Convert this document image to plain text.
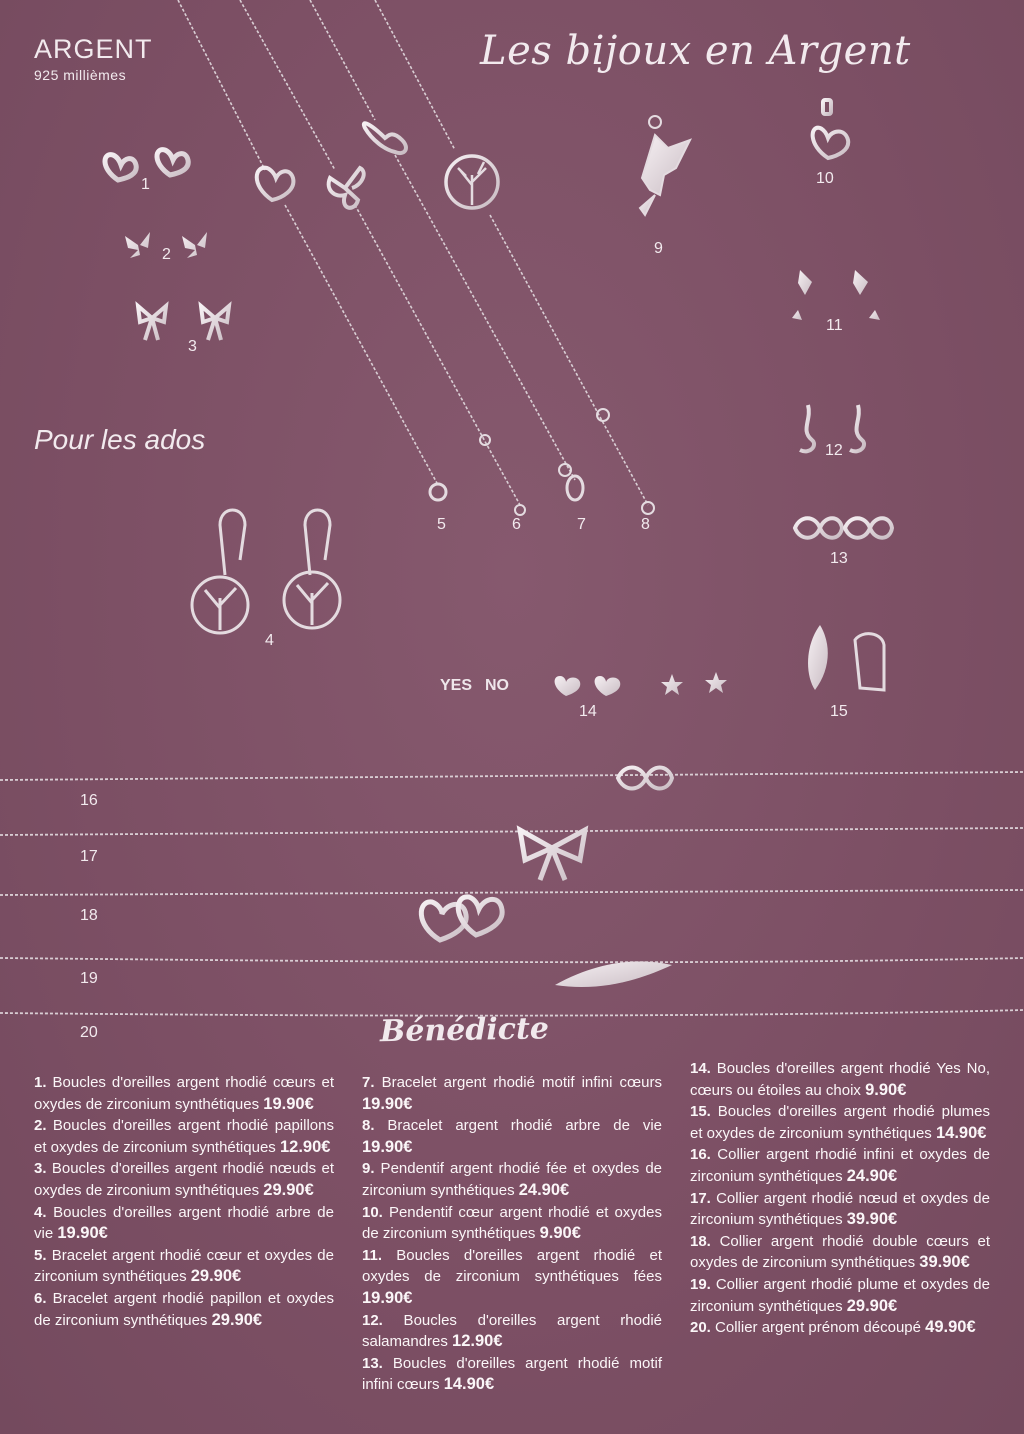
YES NO
Bénédicte
ARGENT
925 millièmes
Les bijoux en Argent
Pour les ados
1
2
3
4
5	6	7	8
9
10
11
12
13
14	15
16
17
18
19
20

1. Boucles d'oreilles argent rhodié cœurs et oxydes de zirconium synthétiques 19.90€

2. Boucles d'oreilles argent rhodié papillons et oxydes de zirconium synthétiques 12.90€

3. Boucles d'oreilles argent rhodié nœuds et oxydes de zirconium synthétiques 29.90€

4. Boucles d'oreilles argent rhodié arbre de vie 19.90€

5. Bracelet argent rhodié cœur et oxydes de zirconium synthétiques 29.90€

6. Bracelet argent rhodié papillon et oxydes de zirconium synthétiques 29.90€

7. Bracelet argent rhodié motif infini cœurs 19.90€

8. Bracelet argent rhodié arbre de vie 19.90€

9. Pendentif argent rhodié fée et oxydes de zirconium synthétiques 24.90€

10. Pendentif cœur argent rhodié et oxydes de zirconium synthétiques 9.90€

11. Boucles d'oreilles argent rhodié et oxydes de zirconium synthétiques fées 19.90€

12. Boucles d'oreilles argent rhodié salamandres 12.90€

13. Boucles d'oreilles argent rhodié motif infini cœurs 14.90€

14. Boucles d'oreilles argent rhodié Yes No, cœurs ou étoiles au choix 9.90€

15. Boucles d'oreilles argent rhodié plumes et oxydes de zirconium synthétiques 14.90€

16. Collier argent rhodié infini et oxydes de zirconium synthétiques 24.90€

17. Collier argent rhodié nœud et oxydes de zirconium synthétiques 39.90€

18. Collier argent rhodié double cœurs et oxydes de zirconium synthétiques 39.90€

19. Collier argent rhodié plume et oxydes de zirconium synthétiques 29.90€

20. Collier argent prénom découpé 49.90€
